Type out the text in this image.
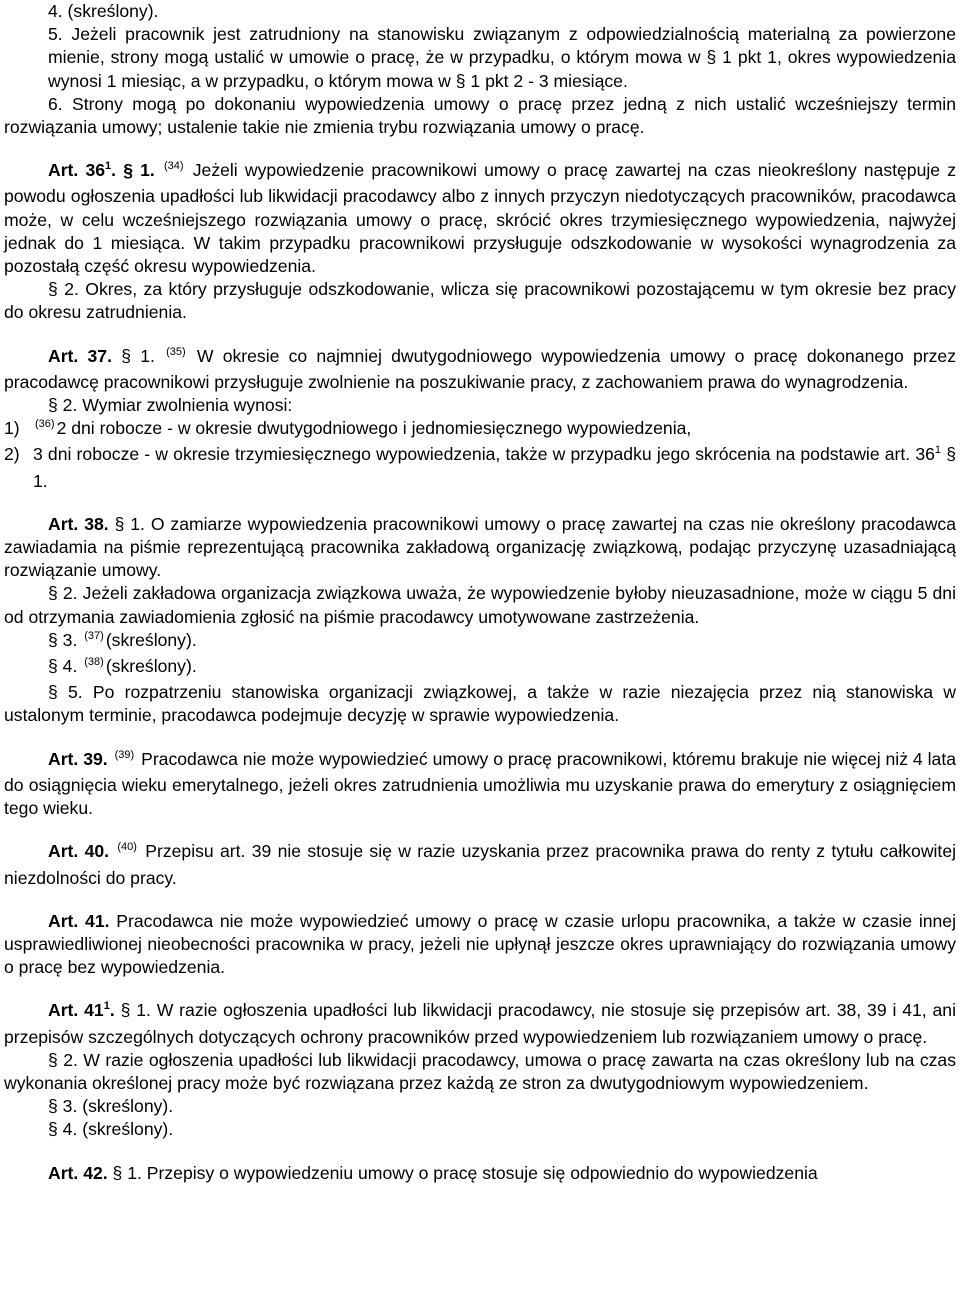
4. (skreślony).

5. Jeżeli pracownik jest zatrudniony na stanowisku związanym z odpowiedzialnością materialną za powierzone mienie, strony mogą ustalić w umowie o pracę, że w przypadku, o którym mowa w § 1 pkt 1, okres wypowiedzenia wynosi 1 miesiąc, a w przypadku, o którym mowa w § 1 pkt 2 - 3 miesiące.

6. Strony mogą po dokonaniu wypowiedzenia umowy o pracę przez jedną z nich ustalić wcześniejszy termin rozwiązania umowy; ustalenie takie nie zmienia trybu rozwiązania umowy o pracę.

Art. $36^1$. § 1. $^{(34)}$ Jeżeli wypowiedzenie pracownikowi umowy o pracę zawartej na czas nieokreślony następuje z powodu ogłoszenia upadłości lub likwidacji pracodawcy albo z innych przyczyn niedotyczących pracowników, pracodawca może, w celu wcześniejszego rozwiązania umowy o pracę, skrócić okres trzymiesięcznego wypowiedzenia, najwyżej jednak do 1 miesiąca. W takim przypadku pracownikowi przysługuje odszkodowanie w wysokości wynagrodzenia za pozostałą część okresu wypowiedzenia.

§ 2. Okres, za który przysługuje odszkodowanie, wlicza się pracownikowi pozostającemu w tym okresie bez pracy do okresu zatrudnienia.

Art. 37. § 1. $^{(35)}$ W okresie co najmniej dwutygodniowego wypowiedzenia umowy o pracę dokonanego przez pracodawcę pracownikowi przysługuje zwolnienie na poszukiwanie pracy, z zachowaniem prawa do wynagrodzenia.

§ 2. Wymiar zwolnienia wynosi:

1)	$^{(36)}$ 2 dni robocze - w okresie dwutygodniowego i jednomiesięcznego wypowiedzenia,
2) 3 dni robocze - w okresie trzymiesięcznego wypowiedzenia, także w przypadku jego skrócenia na podstawie art. $36^1$ § 1.

Art. 38. § 1. O zamiarze wypowiedzenia pracownikowi umowy o pracę zawartej na czas nie określony pracodawca zawiadamia na piśmie reprezentującą pracownika zakładową organizację związkową, podając przyczynę uzasadniającą rozwiązanie umowy.

§ 2. Jeżeli zakładowa organizacja związkowa uważa, że wypowiedzenie byłoby nieuzasadnione, może w ciągu 5 dni od otrzymania zawiadomienia zgłosić na piśmie pracodawcy umotywowane zastrzeżenia.

§ 3. $^{(37)}$ (skreślony).

§ 4. $^{(38)}$ (skreślony).

§ 5. Po rozpatrzeniu stanowiska organizacji związkowej, a także w razie niezajęcia przez nią stanowiska w ustalonym terminie, pracodawca podejmuje decyzję w sprawie wypowiedzenia.

Art. 39. $^{(39)}$ Pracodawca nie może wypowiedzieć umowy o pracę pracownikowi, któremu brakuje nie więcej niż 4 lata do osiągnięcia wieku emerytalnego, jeżeli okres zatrudnienia umożliwia mu uzyskanie prawa do emerytury z osiągnięciem tego wieku.

Art. 40. $^{(40)}$ Przepisu art. 39 nie stosuje się w razie uzyskania przez pracownika prawa do renty z tytułu całkowitej niezdolności do pracy.

Art. 41. Pracodawca nie może wypowiedzieć umowy o pracę w czasie urlopu pracownika, a także w czasie innej usprawiedliwionej nieobecności pracownika w pracy, jeżeli nie upłynął jeszcze okres uprawniający do rozwiązania umowy o pracę bez wypowiedzenia.

Art. $41^1$. § 1. W razie ogłoszenia upadłości lub likwidacji pracodawcy, nie stosuje się przepisów art. 38, 39 i 41, ani przepisów szczególnych dotyczących ochrony pracowników przed wypowiedzeniem lub rozwiązaniem umowy o pracę.

§ 2. W razie ogłoszenia upadłości lub likwidacji pracodawcy, umowa o pracę zawarta na czas określony lub na czas wykonania określonej pracy może być rozwiązana przez każdą ze stron za dwutygodniowym wypowiedzeniem.

§ 3. (skreślony).

§ 4. (skreślony).

Art. 42. § 1. Przepisy o wypowiedzeniu umowy o pracę stosuje się odpowiednio do wypowiedzenia
